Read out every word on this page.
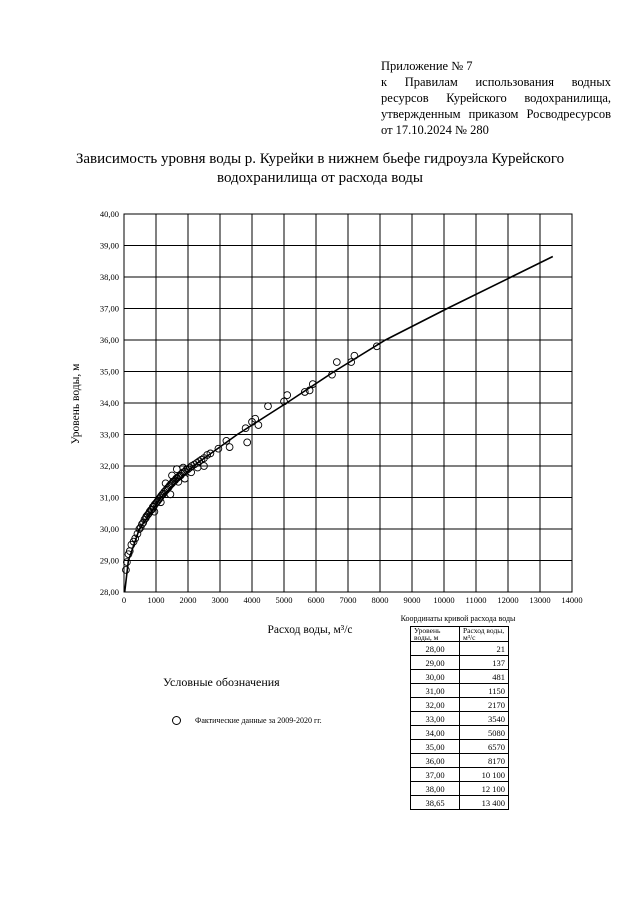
Приложение № 7
к Правилам использования водных
ресурсов Курейского водохранилища,
утвержденным приказом Росводресурсов
от 17.10.2024 № 280
Зависимость уровня воды р. Курейки в нижнем бьефе гидроузла Курейского
водохранилища от расхода воды
0	1000 2000 3000 4000 5000 6000 7000 8000 9000 10000 11000 12000 13000 14000
28,00
29,00
30,00
31,00
32,00
33,00
34,00
35,00
36,00
37,00
38,00
39,00
40,00
Уровень воды, м
Расход воды, м³/с
Условные обозначения
Фактические данные за 2009-2020 гг.
Координаты кривой расхода воды
Уровень воды, м	Расход воды, м³/с
28,00	21
29,00	137
30,00	481
31,00	1150
32,00	2170
33,00	3540
34,00	5080
35,00	6570
36,00	8170
37,00	10 100
38,00	12 100
38,65	13 400
